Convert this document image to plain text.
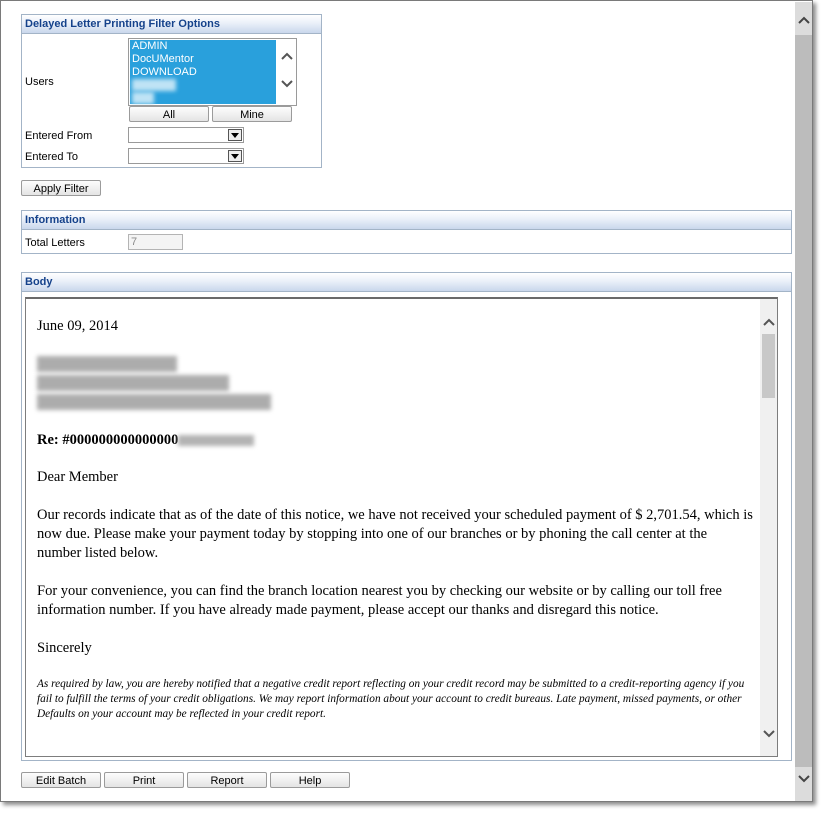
Delayed Letter Printing Filter Options
Users
ADMIN
DocUMentor
DOWNLOAD
All	Mine
Entered From
Entered To
Apply Filter
Information
Total Letters	7
Body

June 09, 2014

Re: #000000000000000

Dear Member

Our records indicate that as of the date of this notice, we have not received your scheduled payment of $ 2,701.54, which is now due. Please make your payment today by stopping into one of our branches or by phoning the call center at the number listed below.

For your convenience, you can find the branch location nearest you by checking our website or by calling our toll free information number. If you have already made payment, please accept our thanks and disregard this notice.

Sincerely

As required by law, you are hereby notified that a negative credit report reflecting on your credit record may be submitted to a credit-reporting agency if you fail to fulfill the terms of your credit obligations. We may report information about your account to credit bureaus. Late payment, missed payments, or other Defaults on your account may be reflected in your credit report.

Edit Batch	Print	Report	Help
